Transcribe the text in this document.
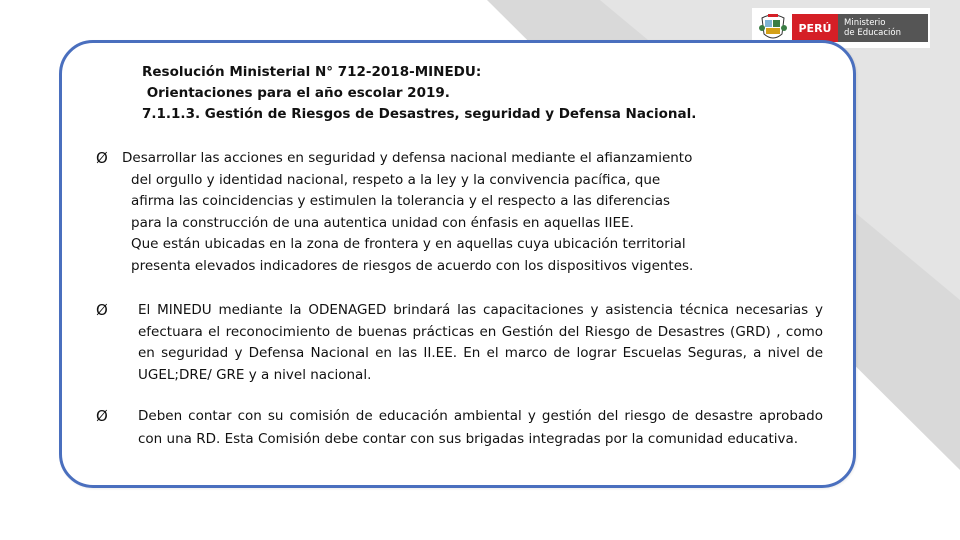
PERÚ	Ministerio
de Educación
Resolución Ministerial N° 712-2018-MINEDU:
Orientaciones para el año escolar 2019.
7.1.1.3. Gestión de Riesgos de Desastres, seguridad y Defensa Nacional.
Ø Desarrollar las acciones en seguridad y defensa nacional mediante el afianzamiento
del orgullo y identidad nacional, respeto a la ley y la convivencia pacífica, que
afirma las coincidencias y estimulen la tolerancia y el respecto a las diferencias
para la construcción de una autentica unidad con énfasis en aquellas IIEE.
Que están ubicadas en la zona de frontera y en aquellas cuya ubicación territorial
presenta elevados indicadores de riesgos de acuerdo con los dispositivos vigentes.
Ø El MINEDU mediante la ODENAGED brindará las capacitaciones y asistencia técnica necesarias y efectuara el reconocimiento de buenas prácticas en Gestión del Riesgo de Desastres (GRD) , como en seguridad y Defensa Nacional en las II.EE. En el marco de lograr Escuelas Seguras, a nivel de UGEL;DRE/ GRE y a nivel nacional.
Ø Deben contar con su comisión de educación ambiental y gestión del riesgo de desastre aprobado con una RD. Esta Comisión debe contar con sus brigadas integradas por la comunidad educativa.
